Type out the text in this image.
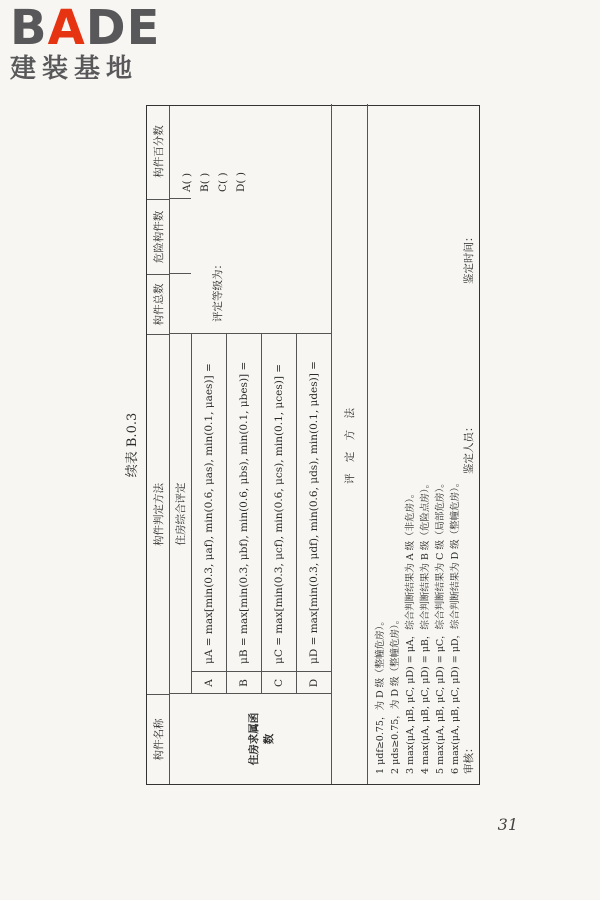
BADE
建装基地
续表 B.0.3
构件名称
构件判定方法
构件总数
危险构件数
构件百分数
住房综合评定
住房求属函数
A
μA = max[min(0.3, μaf), min(0.6, μas), min(0.1, μaes)] =
B
μB = max[min(0.3, μbf), min(0.6, μbs), min(0.1, μbes)] =
C
μC = max[min(0.3, μcf), min(0.6, μcs), min(0.1, μces)] =
D
μD = max[min(0.3, μdf), min(0.6, μds), min(0.1, μdes)] =
评定等级为：
A( ) B( ) C( ) D( )
评 定 方 法
1 μdf≥0.75，为 D 级（整幢危房）。 2 μds≥0.75，为 D 级（整幢危房）。 3 max(μA, μB, μC, μD) = μA，综合判断结果为 A 级（非危房）。 4 max(μA, μB, μC, μD) = μB，综合判断结果为 B 级（危险点房）。 5 max(μA, μB, μC, μD) = μC，综合判断结果为 C 级（局部危房）。 6 max(μA, μB, μC, μD) = μD，综合判断结果为 D 级（整幢危房）。 审核：
鉴定人员：
鉴定时间：
31
